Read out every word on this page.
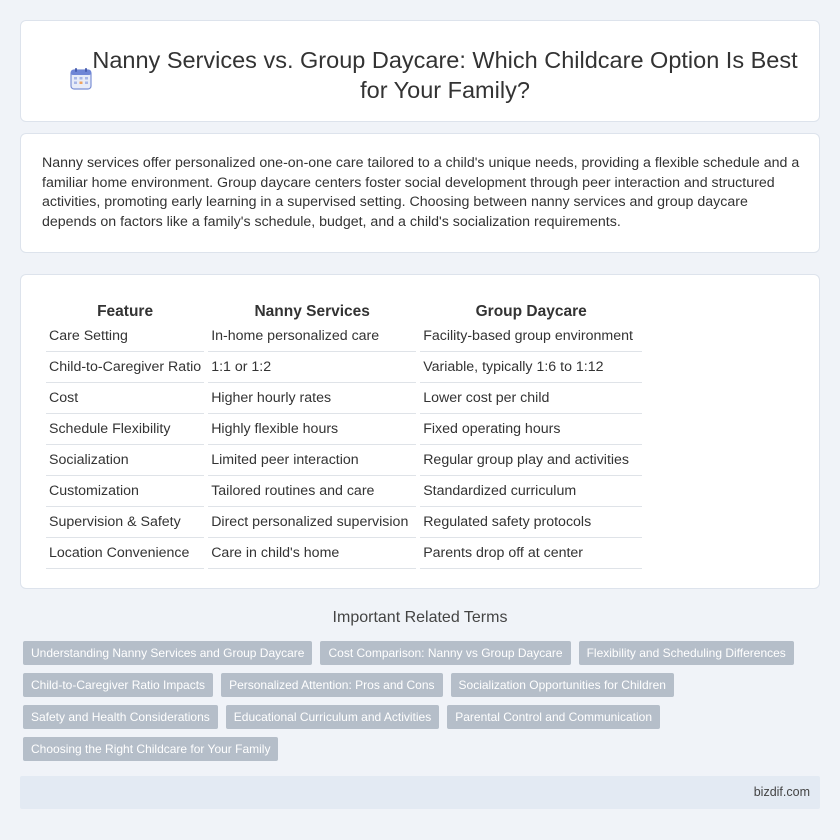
Nanny Services vs. Group Daycare: Which Childcare Option Is Best for Your Family?

Nanny services offer personalized one-on-one care tailored to a child's unique needs, providing a flexible schedule and a familiar home environment. Group daycare centers foster social development through peer interaction and structured activities, promoting early learning in a supervised setting. Choosing between nanny services and group daycare depends on factors like a family's schedule, budget, and a child's socialization requirements.

Feature	Nanny Services	Group Daycare
Care Setting	In-home personalized care	Facility-based group environment
Child-to-Caregiver Ratio	1:1 or 1:2	Variable, typically 1:6 to 1:12
Cost	Higher hourly rates	Lower cost per child
Schedule Flexibility	Highly flexible hours	Fixed operating hours
Socialization	Limited peer interaction	Regular group play and activities
Customization	Tailored routines and care	Standardized curriculum
Supervision & Safety	Direct personalized supervision	Regulated safety protocols
Location Convenience	Care in child's home	Parents drop off at center
Important Related Terms
Understanding Nanny Services and Group Daycare	Cost Comparison: Nanny vs Group Daycare	Flexibility and Scheduling Differences
Child-to-Caregiver Ratio Impacts	Personalized Attention: Pros and Cons	Socialization Opportunities for Children
Safety and Health Considerations	Educational Curriculum and Activities	Parental Control and Communication
Choosing the Right Childcare for Your Family
bizdif.com
